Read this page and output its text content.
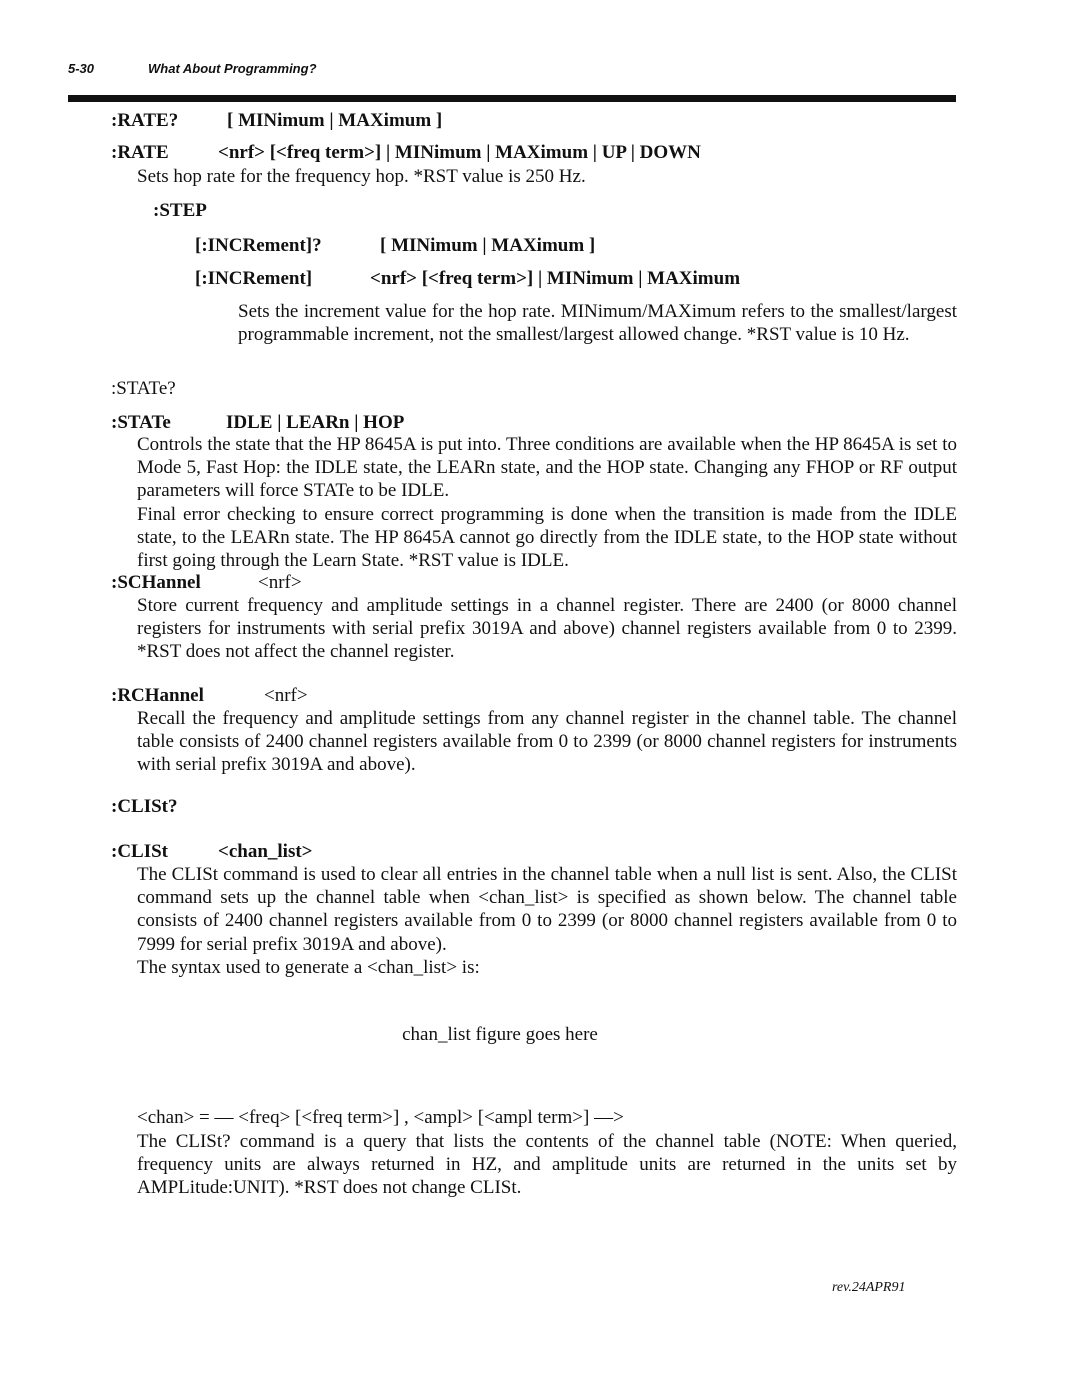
5-30	What About Programming?
:RATE?	[ MINimum | MAXimum ]
:RATE	<nrf> [<freq term>] | MINimum | MAXimum | UP | DOWN
Sets hop rate for the frequency hop. *RST value is 250 Hz.
:STEP
[:INCRement]?	[ MINimum | MAXimum ]
[:INCRement]	<nrf> [<freq term>] | MINimum | MAXimum

Sets the increment value for the hop rate. MINimum/MAXimum refers to the smallest/largest programmable increment, not the smallest/largest allowed change. *RST value is 10 Hz.

:STATe?
:STATe	IDLE | LEARn | HOP

Controls the state that the HP 8645A is put into. Three conditions are available when the HP 8645A is set to Mode 5, Fast Hop: the IDLE state, the LEARn state, and the HOP state. Changing any FHOP or RF output parameters will force STATe to be IDLE.

Final error checking to ensure correct programming is done when the transition is made from the IDLE state, to the LEARn state. The HP 8645A cannot go directly from the IDLE state, to the HOP state without first going through the Learn State. *RST value is IDLE.

:SCHannel	<nrf>

Store current frequency and amplitude settings in a channel register. There are 2400 (or 8000 channel registers for instruments with serial prefix 3019A and above) channel registers available from 0 to 2399. *RST does not affect the channel register.

:RCHannel	<nrf>

Recall the frequency and amplitude settings from any channel register in the channel table. The channel table consists of 2400 channel registers available from 0 to 2399 (or 8000 channel registers for instruments with serial prefix 3019A and above).

:CLISt?
:CLISt	<chan_list>

The CLISt command is used to clear all entries in the channel table when a null list is sent. Also, the CLISt command sets up the channel table when <chan_list> is specified as shown below. The channel table consists of 2400 channel registers available from 0 to 2399 (or 8000 channel registers available from 0 to 7999 for serial prefix 3019A and above).

The syntax used to generate a <chan_list> is:

chan_list figure goes here
<chan> = — <freq> [<freq term>] , <ampl> [<ampl term>] —>

The CLISt? command is a query that lists the contents of the channel table (NOTE: When queried, frequency units are always returned in HZ, and amplitude units are returned in the units set by AMPLitude:UNIT). *RST does not change CLISt.

rev.24APR91
